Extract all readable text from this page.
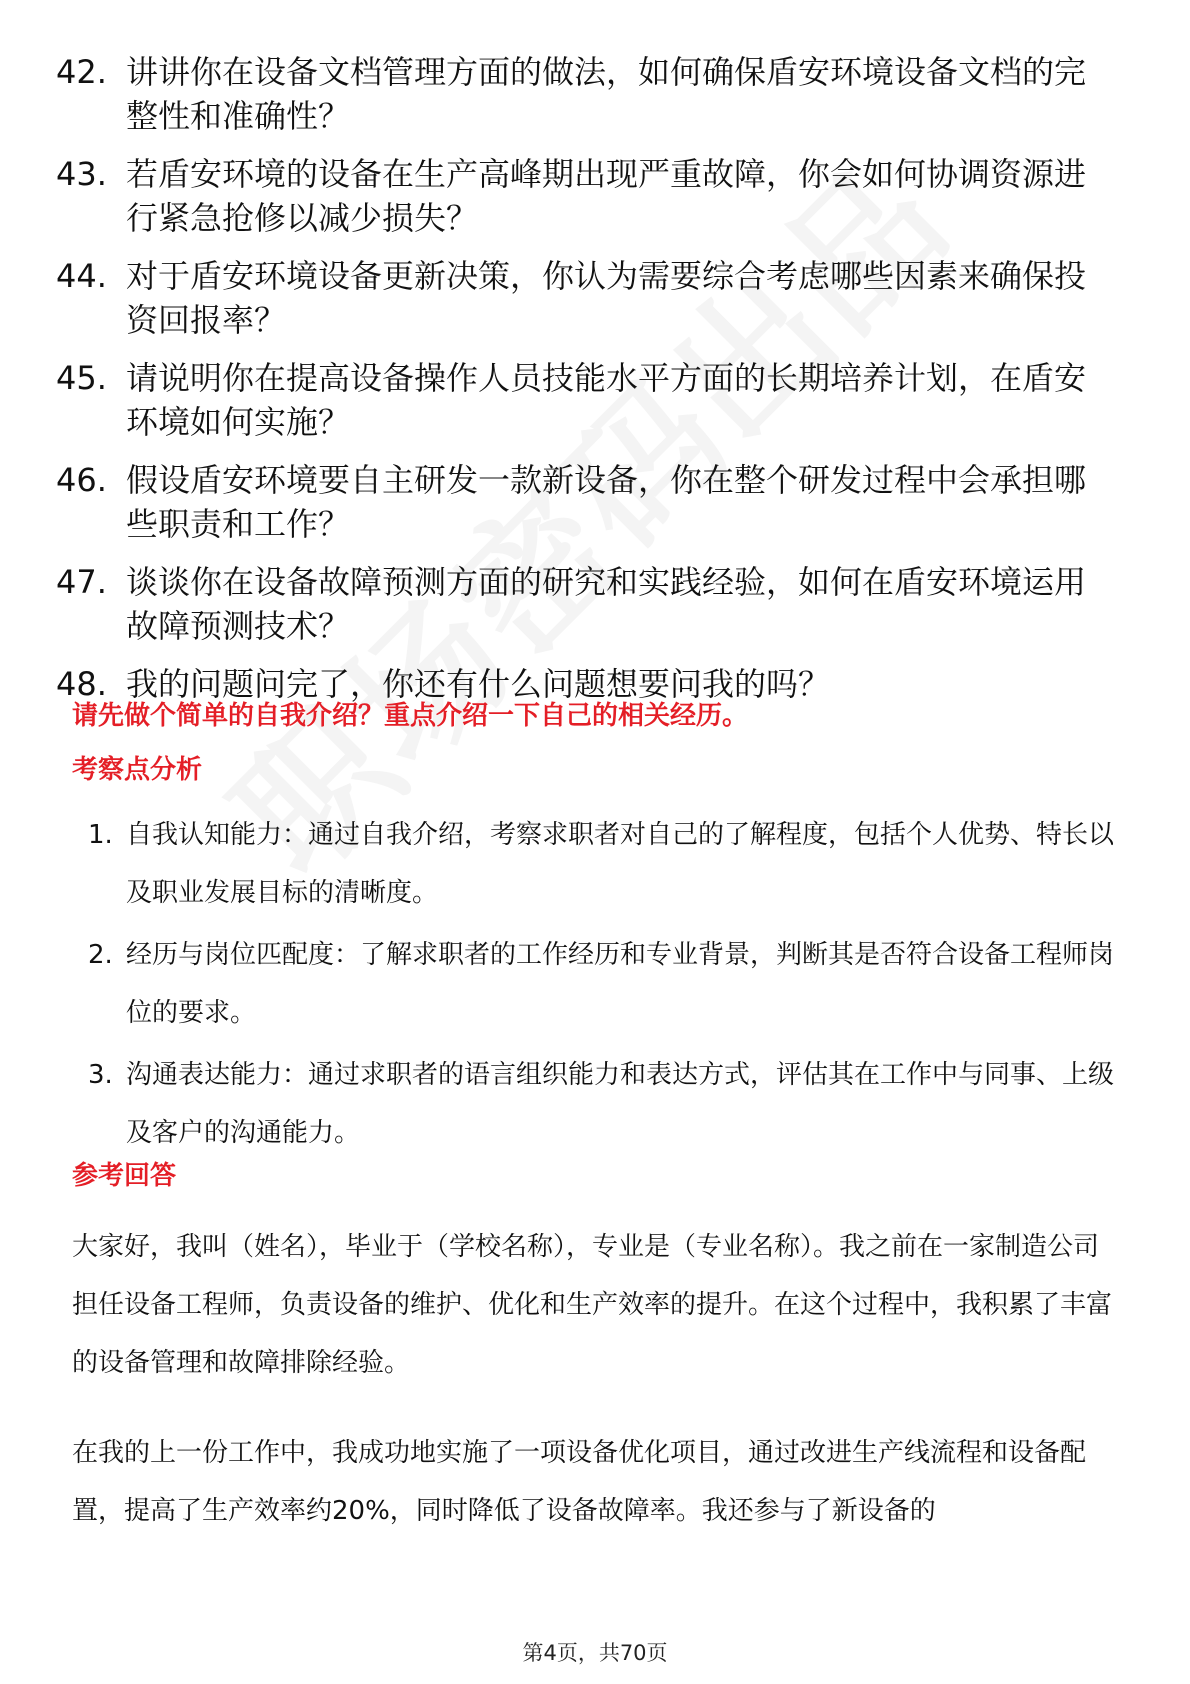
42. 讲讲你在设备文档管理方面的做法，如何确保盾安环境设备文档的完整性和准确性？
43. 若盾安环境的设备在生产高峰期出现严重故障，你会如何协调资源进行紧急抢修以减少损失？
44. 对于盾安环境设备更新决策，你认为需要综合考虑哪些因素来确保投资回报率？
45. 请说明你在提高设备操作人员技能水平方面的长期培养计划，在盾安环境如何实施？
46. 假设盾安环境要自主研发一款新设备，你在整个研发过程中会承担哪些职责和工作？
47. 谈谈你在设备故障预测方面的研究和实践经验，如何在盾安环境运用故障预测技术？
48. 我的问题问完了，你还有什么问题想要问我的吗？
请先做个简单的自我介绍？重点介绍一下自己的相关经历。
考察点分析
1. 自我认知能力：通过自我介绍，考察求职者对自己的了解程度，包括个人优势、特长以及职业发展目标的清晰度。
2. 经历与岗位匹配度：了解求职者的工作经历和专业背景，判断其是否符合设备工程师岗位的要求。
3. 沟通表达能力：通过求职者的语言组织能力和表达方式，评估其在工作中与同事、上级及客户的沟通能力。
参考回答
大家好，我叫（姓名），毕业于（学校名称），专业是（专业名称）。我之前在一家制造公司担任设备工程师，负责设备的维护、优化和生产效率的提升。在这个过程中，我积累了丰富的设备管理和故障排除经验。
在我的上一份工作中，我成功地实施了一项设备优化项目，通过改进生产线流程和设备配置，提高了生产效率约20%，同时降低了设备故障率。我还参与了新设备的
第4页，共70页
